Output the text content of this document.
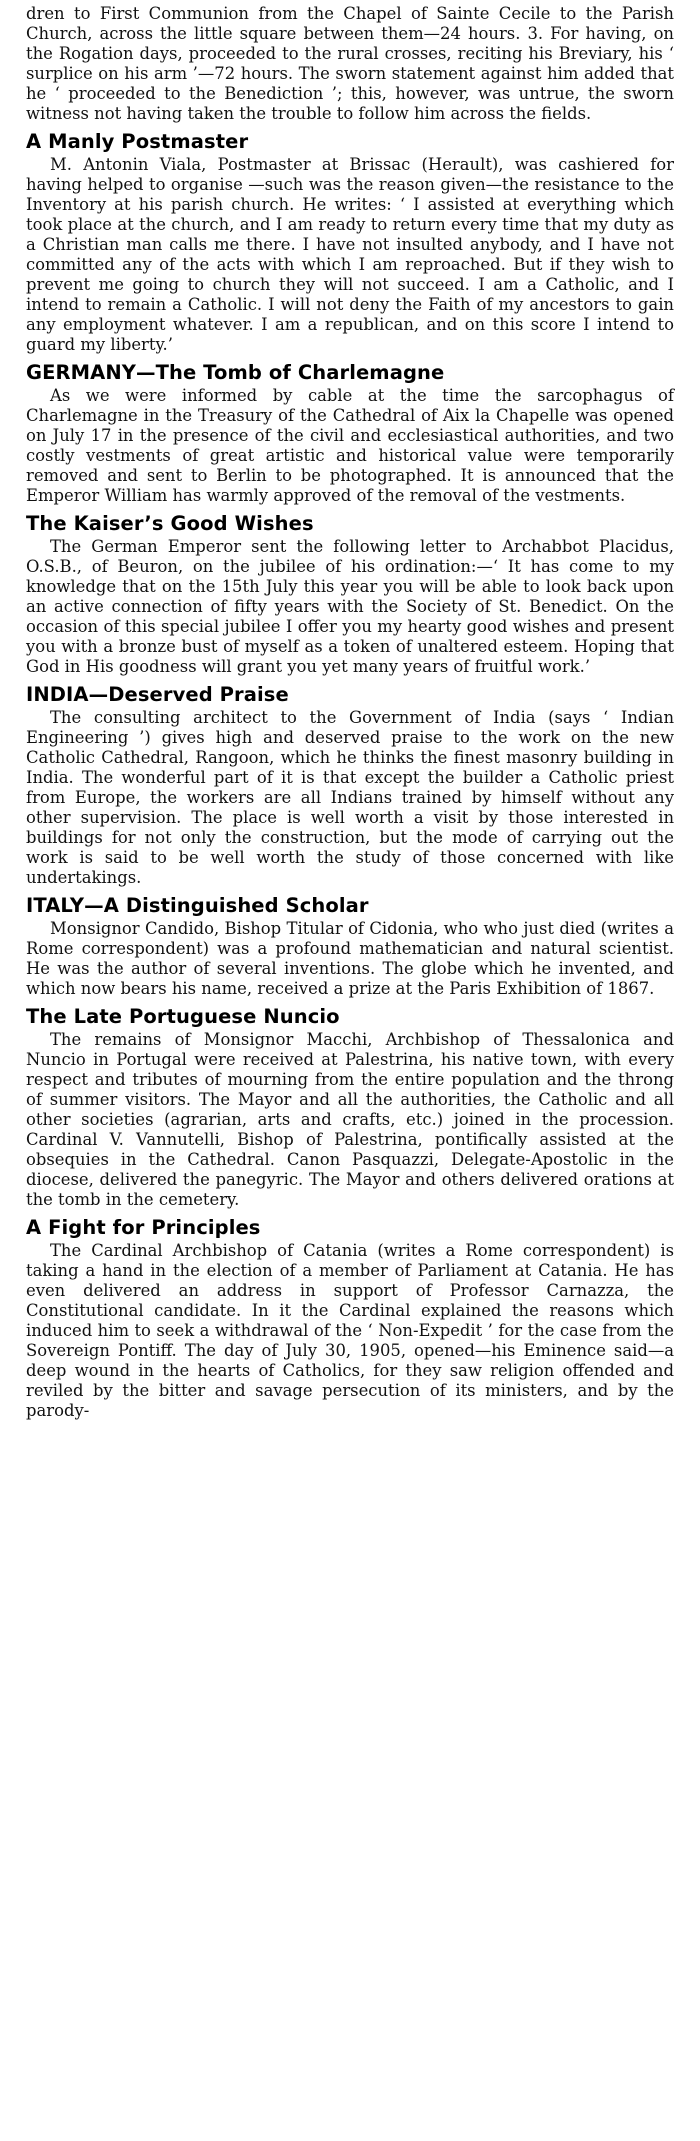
dren to First Communion from the Chapel of Sainte Cecile to the Parish Church, across the little square between them—24 hours. 3. For having, on the Rogation days, proceeded to the rural crosses, reciting his Breviary, his ‘ surplice on his arm ’—72 hours. The sworn statement against him added that he ‘ proceeded to the Benediction ’; this, however, was untrue, the sworn witness not having taken the trouble to follow him across the fields.

A Manly Postmaster

M. Antonin Viala, Postmaster at Brissac (Herault), was cashiered for having helped to organise —such was the reason given—the resistance to the Inventory at his parish church. He writes: ‘ I assisted at everything which took place at the church, and I am ready to return every time that my duty as a Christian man calls me there. I have not insulted anybody, and I have not committed any of the acts with which I am reproached. But if they wish to prevent me going to church they will not succeed. I am a Catholic, and I intend to remain a Catholic. I will not deny the Faith of my ancestors to gain any employment whatever. I am a republican, and on this score I intend to guard my liberty.’

GERMANY—The Tomb of Charlemagne

As we were informed by cable at the time the sarcophagus of Charlemagne in the Treasury of the Cathedral of Aix la Chapelle was opened on July 17 in the presence of the civil and ecclesiastical authorities, and two costly vestments of great artistic and historical value were temporarily removed and sent to Berlin to be photographed. It is announced that the Emperor William has warmly approved of the removal of the vestments.

The Kaiser’s Good Wishes

The German Emperor sent the following letter to Archabbot Placidus, O.S.B., of Beuron, on the jubilee of his ordination:—‘ It has come to my knowledge that on the 15th July this year you will be able to look back upon an active connection of fifty years with the Society of St. Benedict. On the occasion of this special jubilee I offer you my hearty good wishes and present you with a bronze bust of myself as a token of unaltered esteem. Hoping that God in His goodness will grant you yet many years of fruitful work.’

INDIA—Deserved Praise

The consulting architect to the Government of India (says ‘ Indian Engineering ’) gives high and deserved praise to the work on the new Catholic Cathedral, Rangoon, which he thinks the finest masonry building in India. The wonderful part of it is that except the builder a Catholic priest from Europe, the workers are all Indians trained by himself without any other supervision. The place is well worth a visit by those interested in buildings for not only the construction, but the mode of carrying out the work is said to be well worth the study of those concerned with like undertakings.

ITALY—A Distinguished Scholar

Monsignor Candido, Bishop Titular of Cidonia, who who just died (writes a Rome correspondent) was a profound mathematician and natural scientist. He was the author of several inventions. The globe which he invented, and which now bears his name, received a prize at the Paris Exhibition of 1867.

The Late Portuguese Nuncio

The remains of Monsignor Macchi, Archbishop of Thessalonica and Nuncio in Portugal were received at Palestrina, his native town, with every respect and tributes of mourning from the entire population and the throng of summer visitors. The Mayor and all the authorities, the Catholic and all other societies (agrarian, arts and crafts, etc.) joined in the procession. Cardinal V. Vannutelli, Bishop of Palestrina, pontifically assisted at the obsequies in the Cathedral. Canon Pasquazzi, Delegate-Apostolic in the diocese, delivered the panegyric. The Mayor and others delivered orations at the tomb in the cemetery.

A Fight for Principles

The Cardinal Archbishop of Catania (writes a Rome correspondent) is taking a hand in the election of a member of Parliament at Catania. He has even delivered an address in support of Professor Carnazza, the Constitutional candidate. In it the Cardinal explained the reasons which induced him to seek a withdrawal of the ‘ Non-Expedit ’ for the case from the Sovereign Pontiff. The day of July 30, 1905, opened—his Eminence said—a deep wound in the hearts of Catholics, for they saw religion offended and reviled by the bitter and savage persecution of its ministers, and by the parody-
